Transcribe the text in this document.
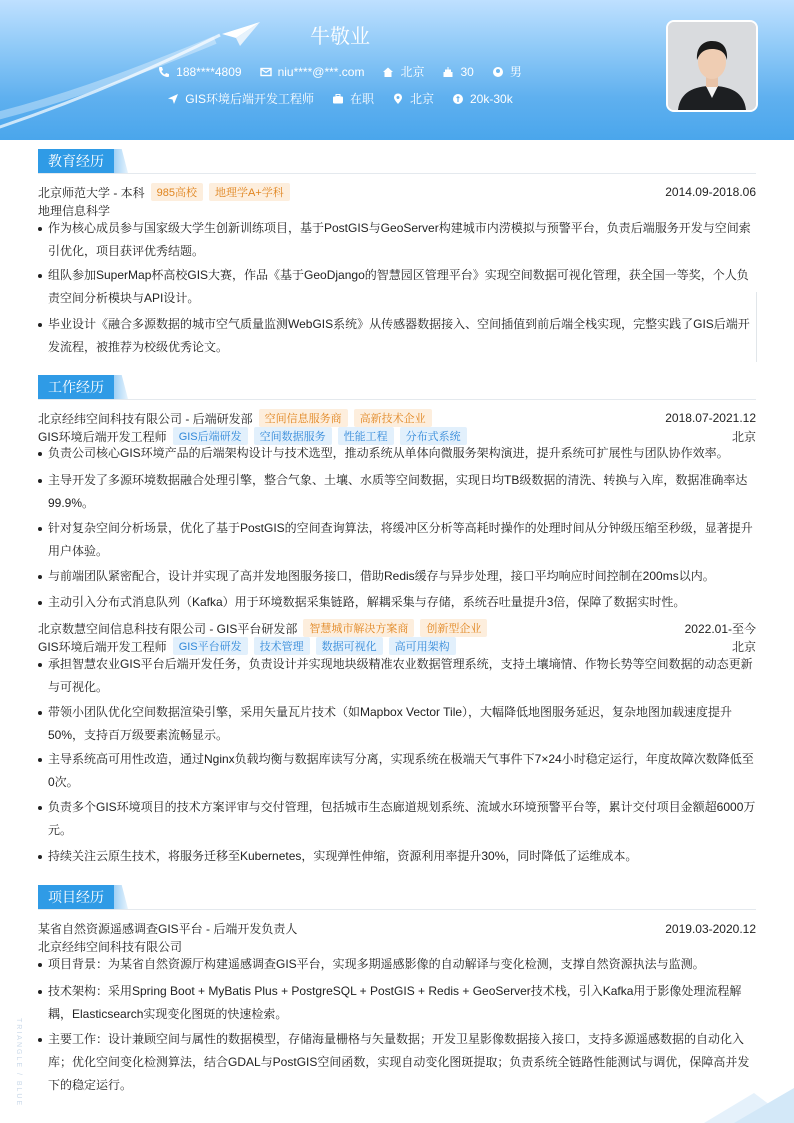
牛敬业
188****4809	niu****@***.com	北京	30	男
GIS环境后端开发工程师	在职	北京	20k-30k
教育经历
北京师范大学 - 本科	985高校	地理学A+学科	2014.09-2018.06
地理信息科学
作为核心成员参与国家级大学生创新训练项目，基于PostGIS与GeoServer构建城市内涝模拟与预警平台，负责后端服务开发与空间索引优化，项目获评优秀结题。
组队参加SuperMap杯高校GIS大赛，作品《基于GeoDjango的智慧园区管理平台》实现空间数据可视化管理，获全国一等奖，个人负责空间分析模块与API设计。
毕业设计《融合多源数据的城市空气质量监测WebGIS系统》从传感器数据接入、空间插值到前后端全栈实现，完整实践了GIS后端开发流程，被推荐为校级优秀论文。
工作经历
北京经纬空间科技有限公司 - 后端研发部	空间信息服务商	高新技术企业	2018.07-2021.12
GIS环境后端开发工程师	GIS后端研发	空间数据服务	性能工程	分布式系统	北京
负责公司核心GIS环境产品的后端架构设计与技术选型，推动系统从单体向微服务架构演进，提升系统可扩展性与团队协作效率。
主导开发了多源环境数据融合处理引擎，整合气象、土壤、水质等空间数据，实现日均TB级数据的清洗、转换与入库，数据准确率达99.9%。
针对复杂空间分析场景，优化了基于PostGIS的空间查询算法，将缓冲区分析等高耗时操作的处理时间从分钟级压缩至秒级，显著提升用户体验。
与前端团队紧密配合，设计并实现了高并发地图服务接口，借助Redis缓存与异步处理，接口平均响应时间控制在200ms以内。
主动引入分布式消息队列（Kafka）用于环境数据采集链路，解耦采集与存储，系统吞吐量提升3倍，保障了数据实时性。
北京数慧空间信息科技有限公司 - GIS平台研发部	智慧城市解决方案商	创新型企业	2022.01-至今
GIS环境后端开发工程师	GIS平台研发	技术管理	数据可视化	高可用架构	北京
承担智慧农业GIS平台后端开发任务，负责设计并实现地块级精准农业数据管理系统，支持土壤墒情、作物长势等空间数据的动态更新与可视化。
带领小团队优化空间数据渲染引擎，采用矢量瓦片技术（如Mapbox Vector Tile），大幅降低地图服务延迟，复杂地图加载速度提升50%，支持百万级要素流畅显示。
主导系统高可用性改造，通过Nginx负载均衡与数据库读写分离，实现系统在极端天气事件下7×24小时稳定运行，年度故障次数降低至0次。
负责多个GIS环境项目的技术方案评审与交付管理，包括城市生态廊道规划系统、流域水环境预警平台等，累计交付项目金额超6000万元。
持续关注云原生技术，将服务迁移至Kubernetes，实现弹性伸缩，资源利用率提升30%，同时降低了运维成本。
项目经历
某省自然资源遥感调查GIS平台 - 后端开发负责人	2019.03-2020.12
北京经纬空间科技有限公司
项目背景：为某省自然资源厅构建遥感调查GIS平台，实现多期遥感影像的自动解译与变化检测，支撑自然资源执法与监测。
技术架构：采用Spring Boot + MyBatis Plus + PostgreSQL + PostGIS + Redis + GeoServer技术栈，引入Kafka用于影像处理流程解耦，Elasticsearch实现变化图斑的快速检索。
主要工作：设计兼顾空间与属性的数据模型，存储海量栅格与矢量数据；开发卫星影像数据接入接口，支持多源遥感数据的自动化入库；优化空间变化检测算法，结合GDAL与PostGIS空间函数，实现自动变化图斑提取；负责系统全链路性能测试与调优，保障高并发下的稳定运行。
TRIANGLE / BLUE
